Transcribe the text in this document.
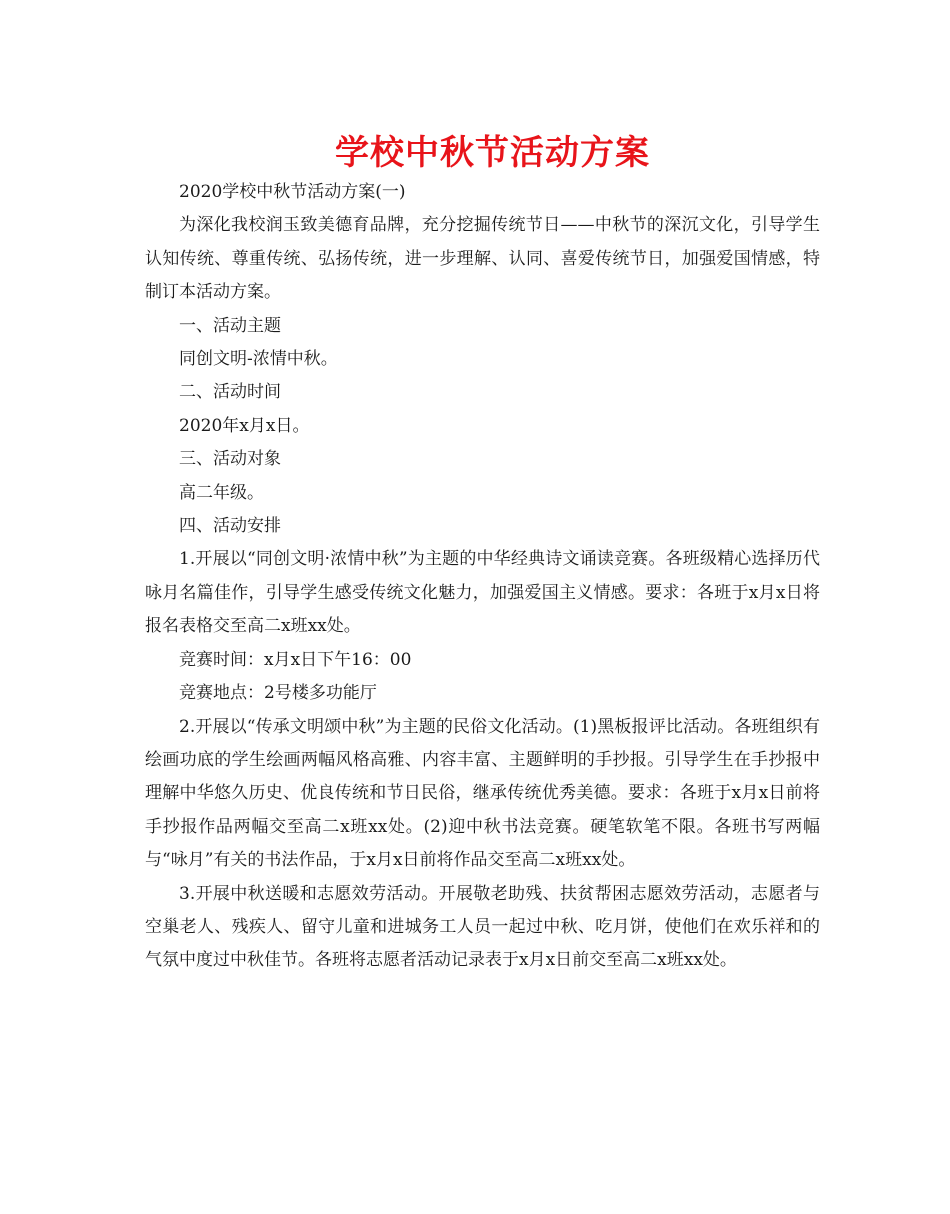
学校中秋节活动方案

2020学校中秋节活动方案(一)

为深化我校润玉致美德育品牌，充分挖掘传统节日——中秋节的深沉文化，引导学生认知传统、尊重传统、弘扬传统，进一步理解、认同、喜爱传统节日，加强爱国情感，特制订本活动方案。

一、活动主题

同创文明-浓情中秋。

二、活动时间

2020年x月x日。

三、活动对象

高二年级。

四、活动安排

1.开展以“同创文明·浓情中秋”为主题的中华经典诗文诵读竞赛。各班级精心选择历代咏月名篇佳作，引导学生感受传统文化魅力，加强爱国主义情感。要求：各班于x月x日将报名表格交至高二x班xx处。

竞赛时间：x月x日下午16：00

竞赛地点：2号楼多功能厅

2.开展以“传承文明颂中秋”为主题的民俗文化活动。(1)黑板报评比活动。各班组织有绘画功底的学生绘画两幅风格高雅、内容丰富、主题鲜明的手抄报。引导学生在手抄报中理解中华悠久历史、优良传统和节日民俗，继承传统优秀美德。要求：各班于x月x日前将手抄报作品两幅交至高二x班xx处。(2)迎中秋书法竞赛。硬笔软笔不限。各班书写两幅与“咏月”有关的书法作品，于x月x日前将作品交至高二x班xx处。

3.开展中秋送暖和志愿效劳活动。开展敬老助残、扶贫帮困志愿效劳活动，志愿者与空巢老人、残疾人、留守儿童和进城务工人员一起过中秋、吃月饼，使他们在欢乐祥和的气氛中度过中秋佳节。各班将志愿者活动记录表于x月x日前交至高二x班xx处。
